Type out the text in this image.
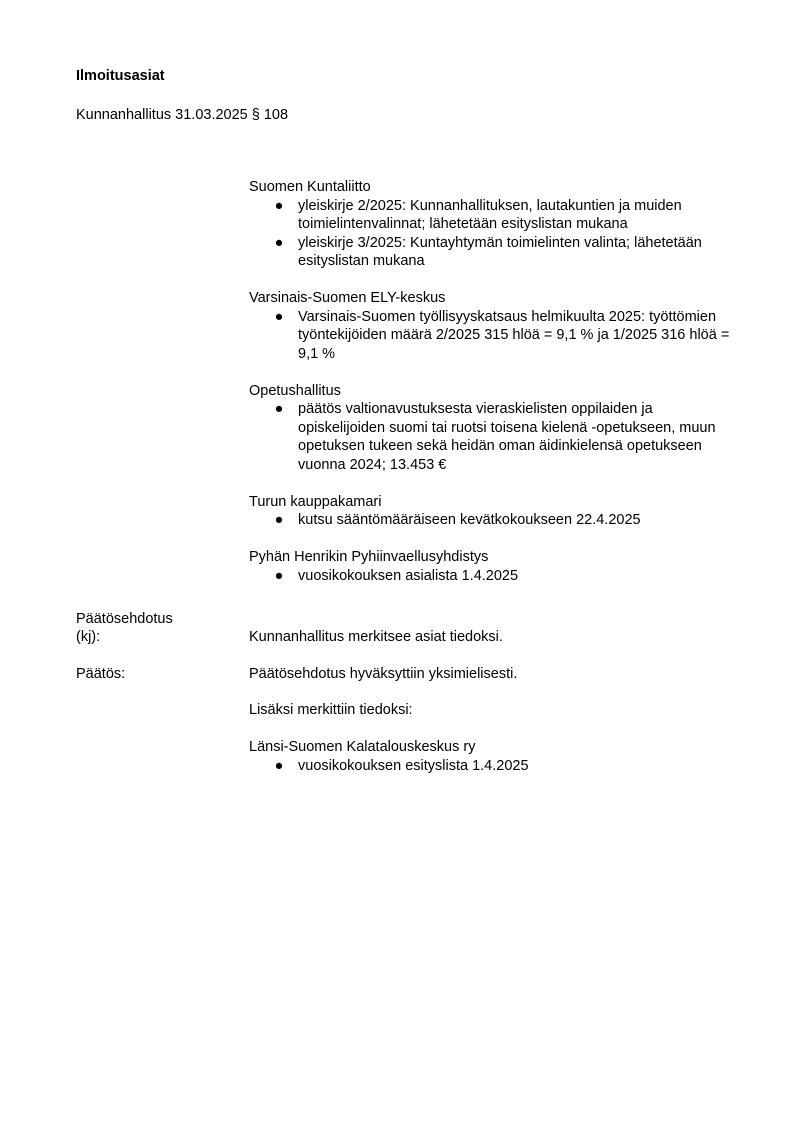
Ilmoitusasiat
Kunnanhallitus 31.03.2025 § 108
Suomen Kuntaliitto
● yleiskirje 2/2025: Kunnanhallituksen, lautakuntien ja muiden toimielintenvalinnat; lähetetään esityslistan mukana
● yleiskirje 3/2025: Kuntayhtymän toimielinten valinta; lähetetään esityslistan mukana
Varsinais-Suomen ELY-keskus
● Varsinais-Suomen työllisyyskatsaus helmikuulta 2025: työttömien työntekijöiden määrä 2/2025 315 hlöä = 9,1 % ja 1/2025 316 hlöä = 9,1 %
Opetushallitus
● päätös valtionavustuksesta vieraskielisten oppilaiden ja opiskelijoiden suomi tai ruotsi toisena kielenä -opetukseen, muun opetuksen tukeen sekä heidän oman äidinkielensä opetukseen vuonna 2024; 13.453 €
Turun kauppakamari
● kutsu sääntömääräiseen kevätkokoukseen 22.4.2025
Pyhän Henrikin Pyhiinvaellusyhdistys
● vuosikokouksen asialista 1.4.2025
Päätösehdotus
(kj):	Kunnanhallitus merkitsee asiat tiedoksi.
Päätös:	Päätösehdotus hyväksyttiin yksimielisesti.
Lisäksi merkittiin tiedoksi:
Länsi-Suomen Kalatalouskeskus ry
● vuosikokouksen esityslista 1.4.2025
